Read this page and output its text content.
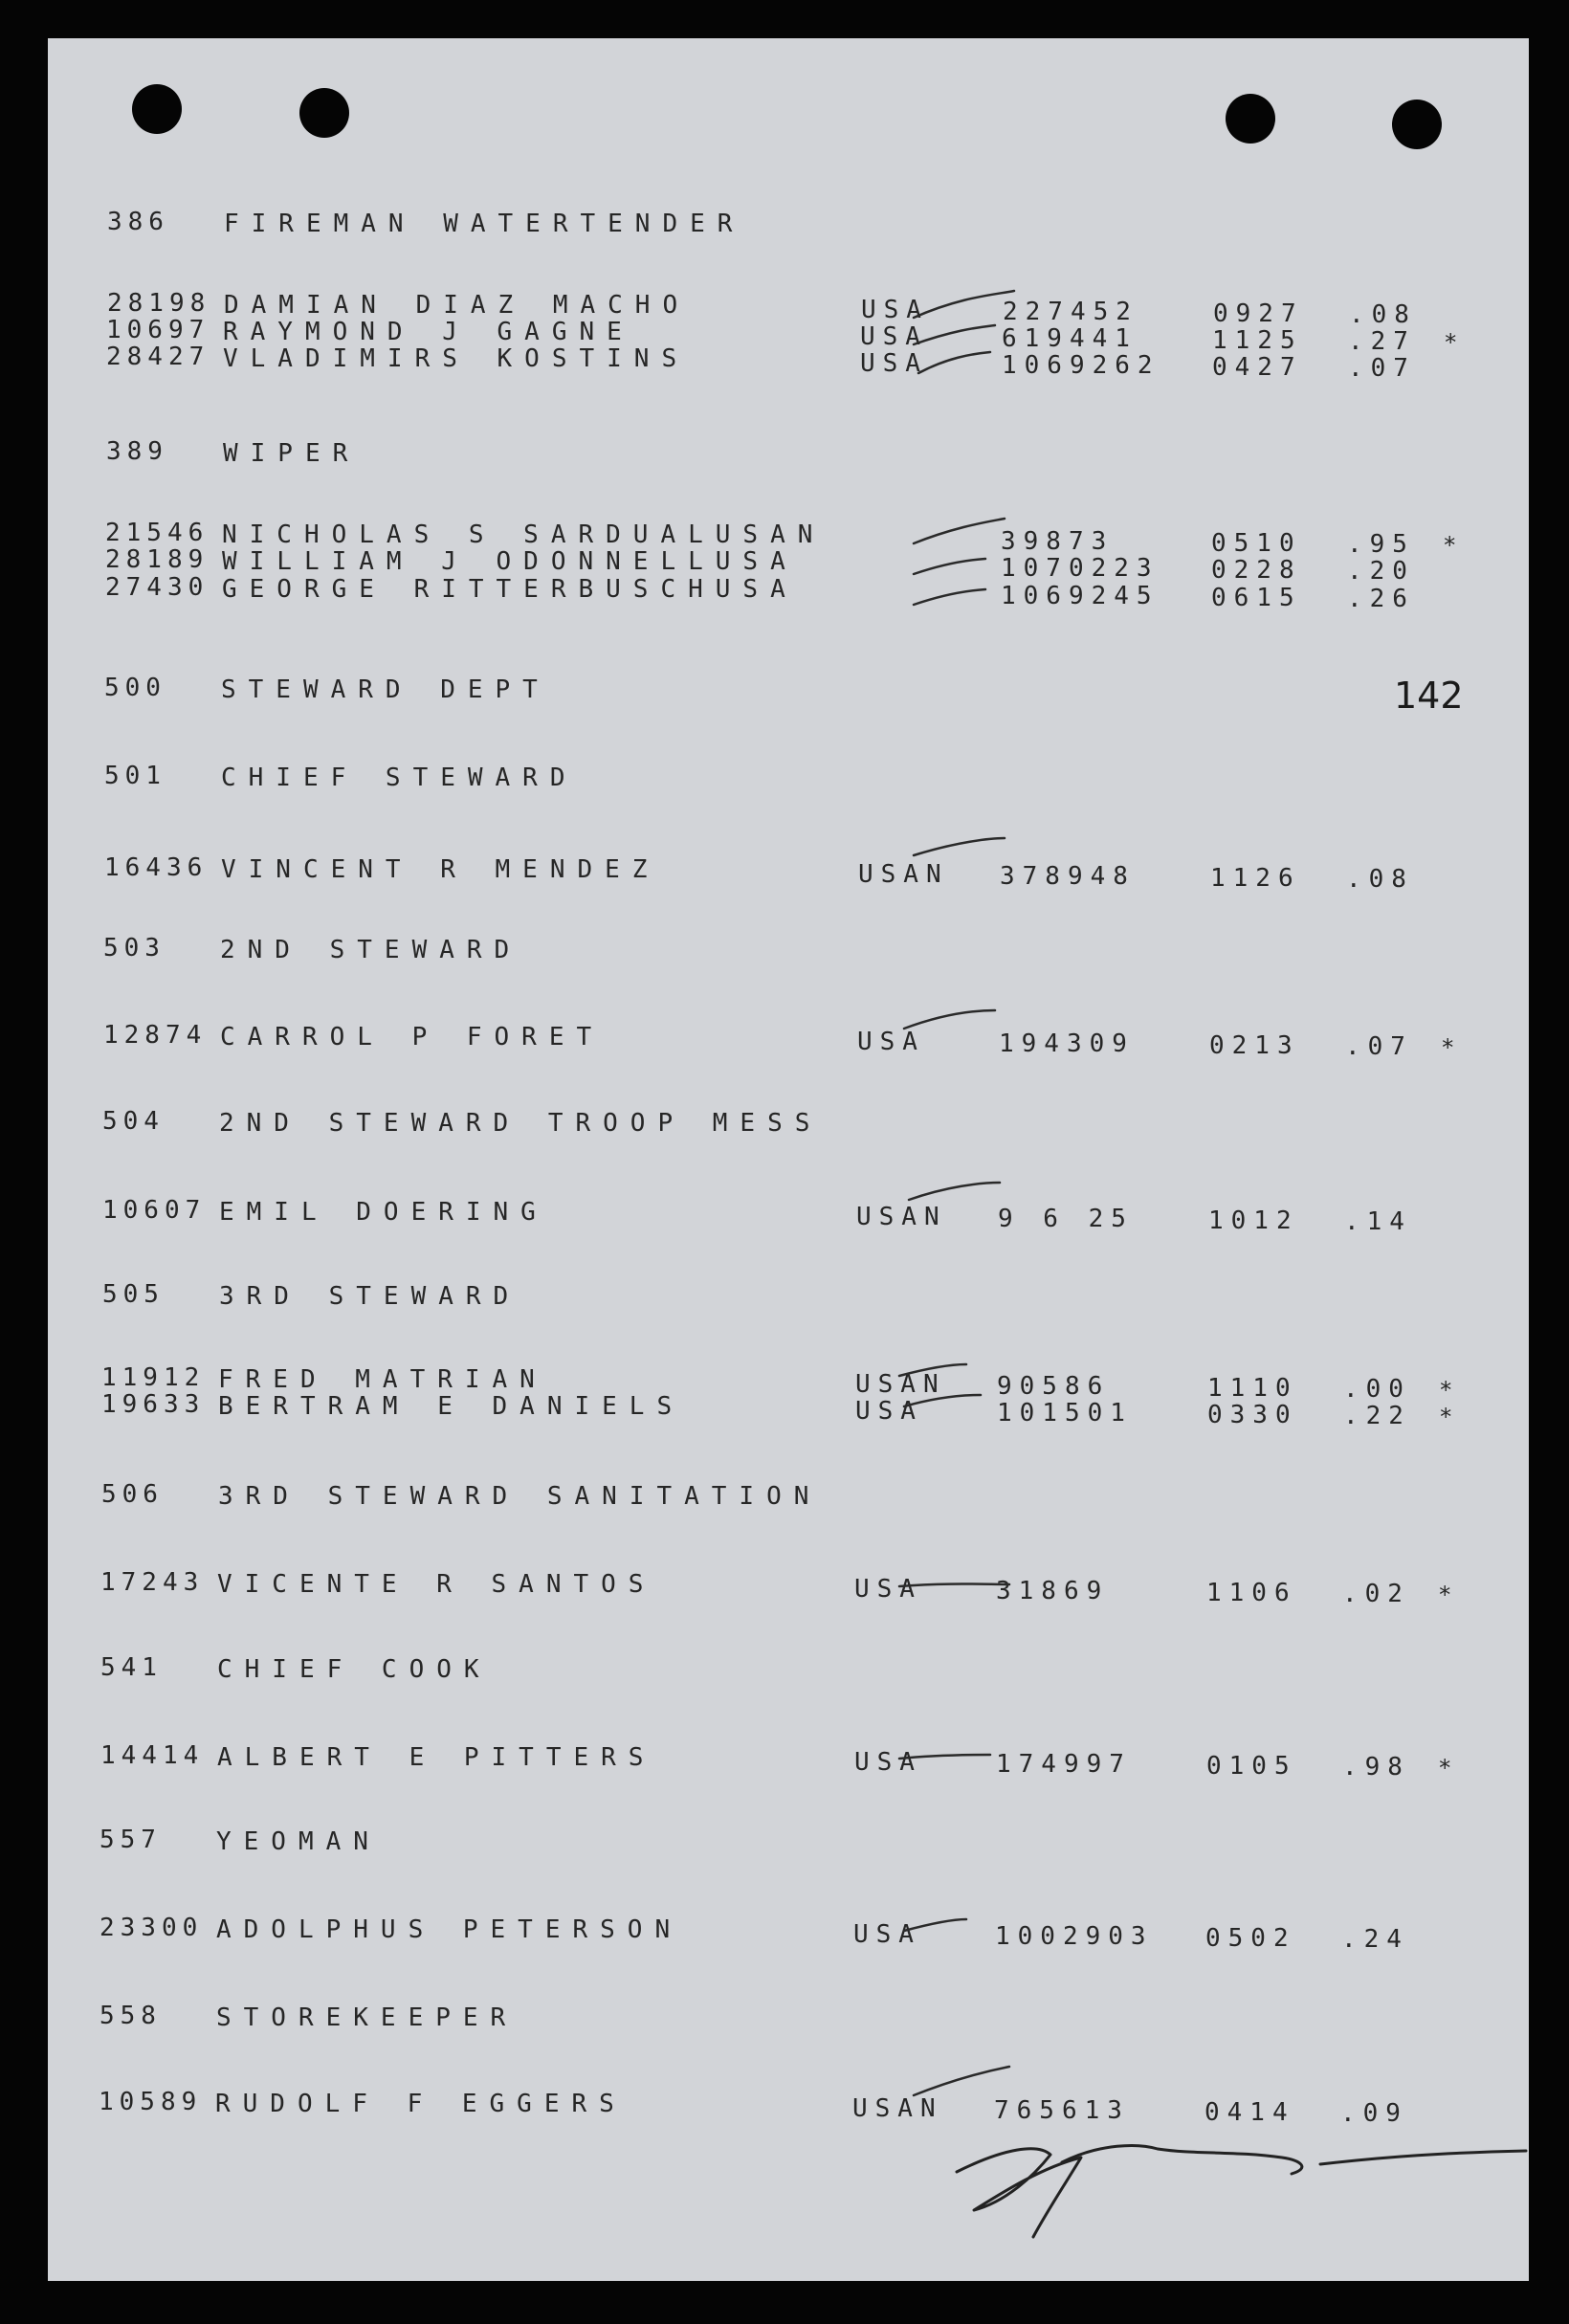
142
386 FIREMAN WATERTENDER
28198 DAMIAN DIAZ MACHO	USA	227452	0927 .08
10697 RAYMOND J GAGNE	USA	619441	1125 .27 *
28427 VLADIMIRS KOSTINS	USA	1069262 0427 .07
389 WIPER
21546 NICHOLAS S SARDUALUSAN	39873	0510 .95 *
28189 WILLIAM J ODONNELLUSA	1070223 0228 .20
27430 GEORGE RITTERBUSCHUSA	1069245 0615 .26
500 STEWARD DEPT
501 CHIEF STEWARD
16436 VINCENT R MENDEZ	USAN 378948	1126 .08
503 2ND STEWARD
12874 CARROL P FORET	USA	194309	0213 .07 *
504 2ND STEWARD TROOP MESS
10607 EMIL DOERING	USAN 9 6 25	1012 .14
505 3RD STEWARD
11912 FRED MATRIAN	USAN 90586	1110 .00 *
19633 BERTRAM E DANIELS	USA	101501	0330 .22 *
506 3RD STEWARD SANITATION
17243 VICENTE R SANTOS	USA	31869	1106 .02 *
541 CHIEF COOK
14414 ALBERT E PITTERS	USA	174997	0105 .98 *
557 YEOMAN
23300 ADOLPHUS PETERSON	USA	1002903 0502 .24
558 STOREKEEPER
10589 RUDOLF F EGGERS	USAN 765613	0414 .09
